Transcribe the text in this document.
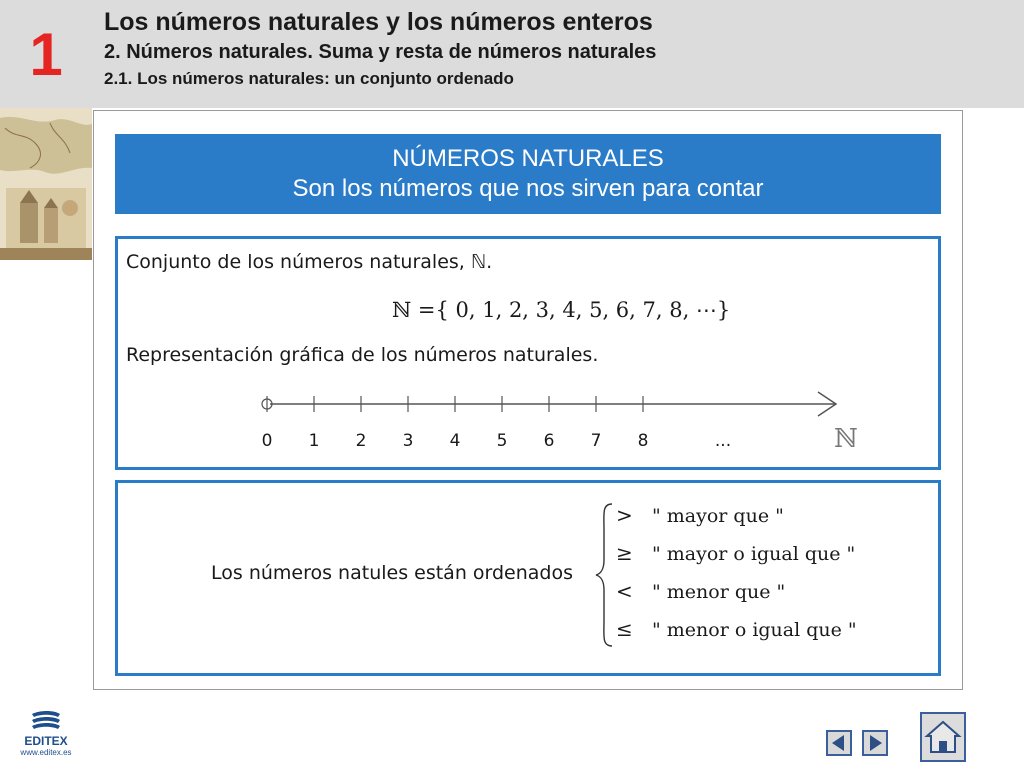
1	Los números naturales y los números enteros
2. Números naturales. Suma y resta de números naturales
2.1. Los números naturales: un conjunto ordenado
NÚMEROS NATURALES
Son los números que nos sirven para contar
Conjunto de los números naturales, ℕ.
ℕ ={ 0, 1, 2, 3, 4, 5, 6, 7, 8, ⋯}
Representación gráfica de los números naturales.
0 1 2 3 4 5 6 7 8	...	ℕ
Los números natules están ordenados
> " mayor que "
≥ " mayor o igual que "
< " menor que "
≤ " menor o igual que "
EDITEX
www.editex.es
